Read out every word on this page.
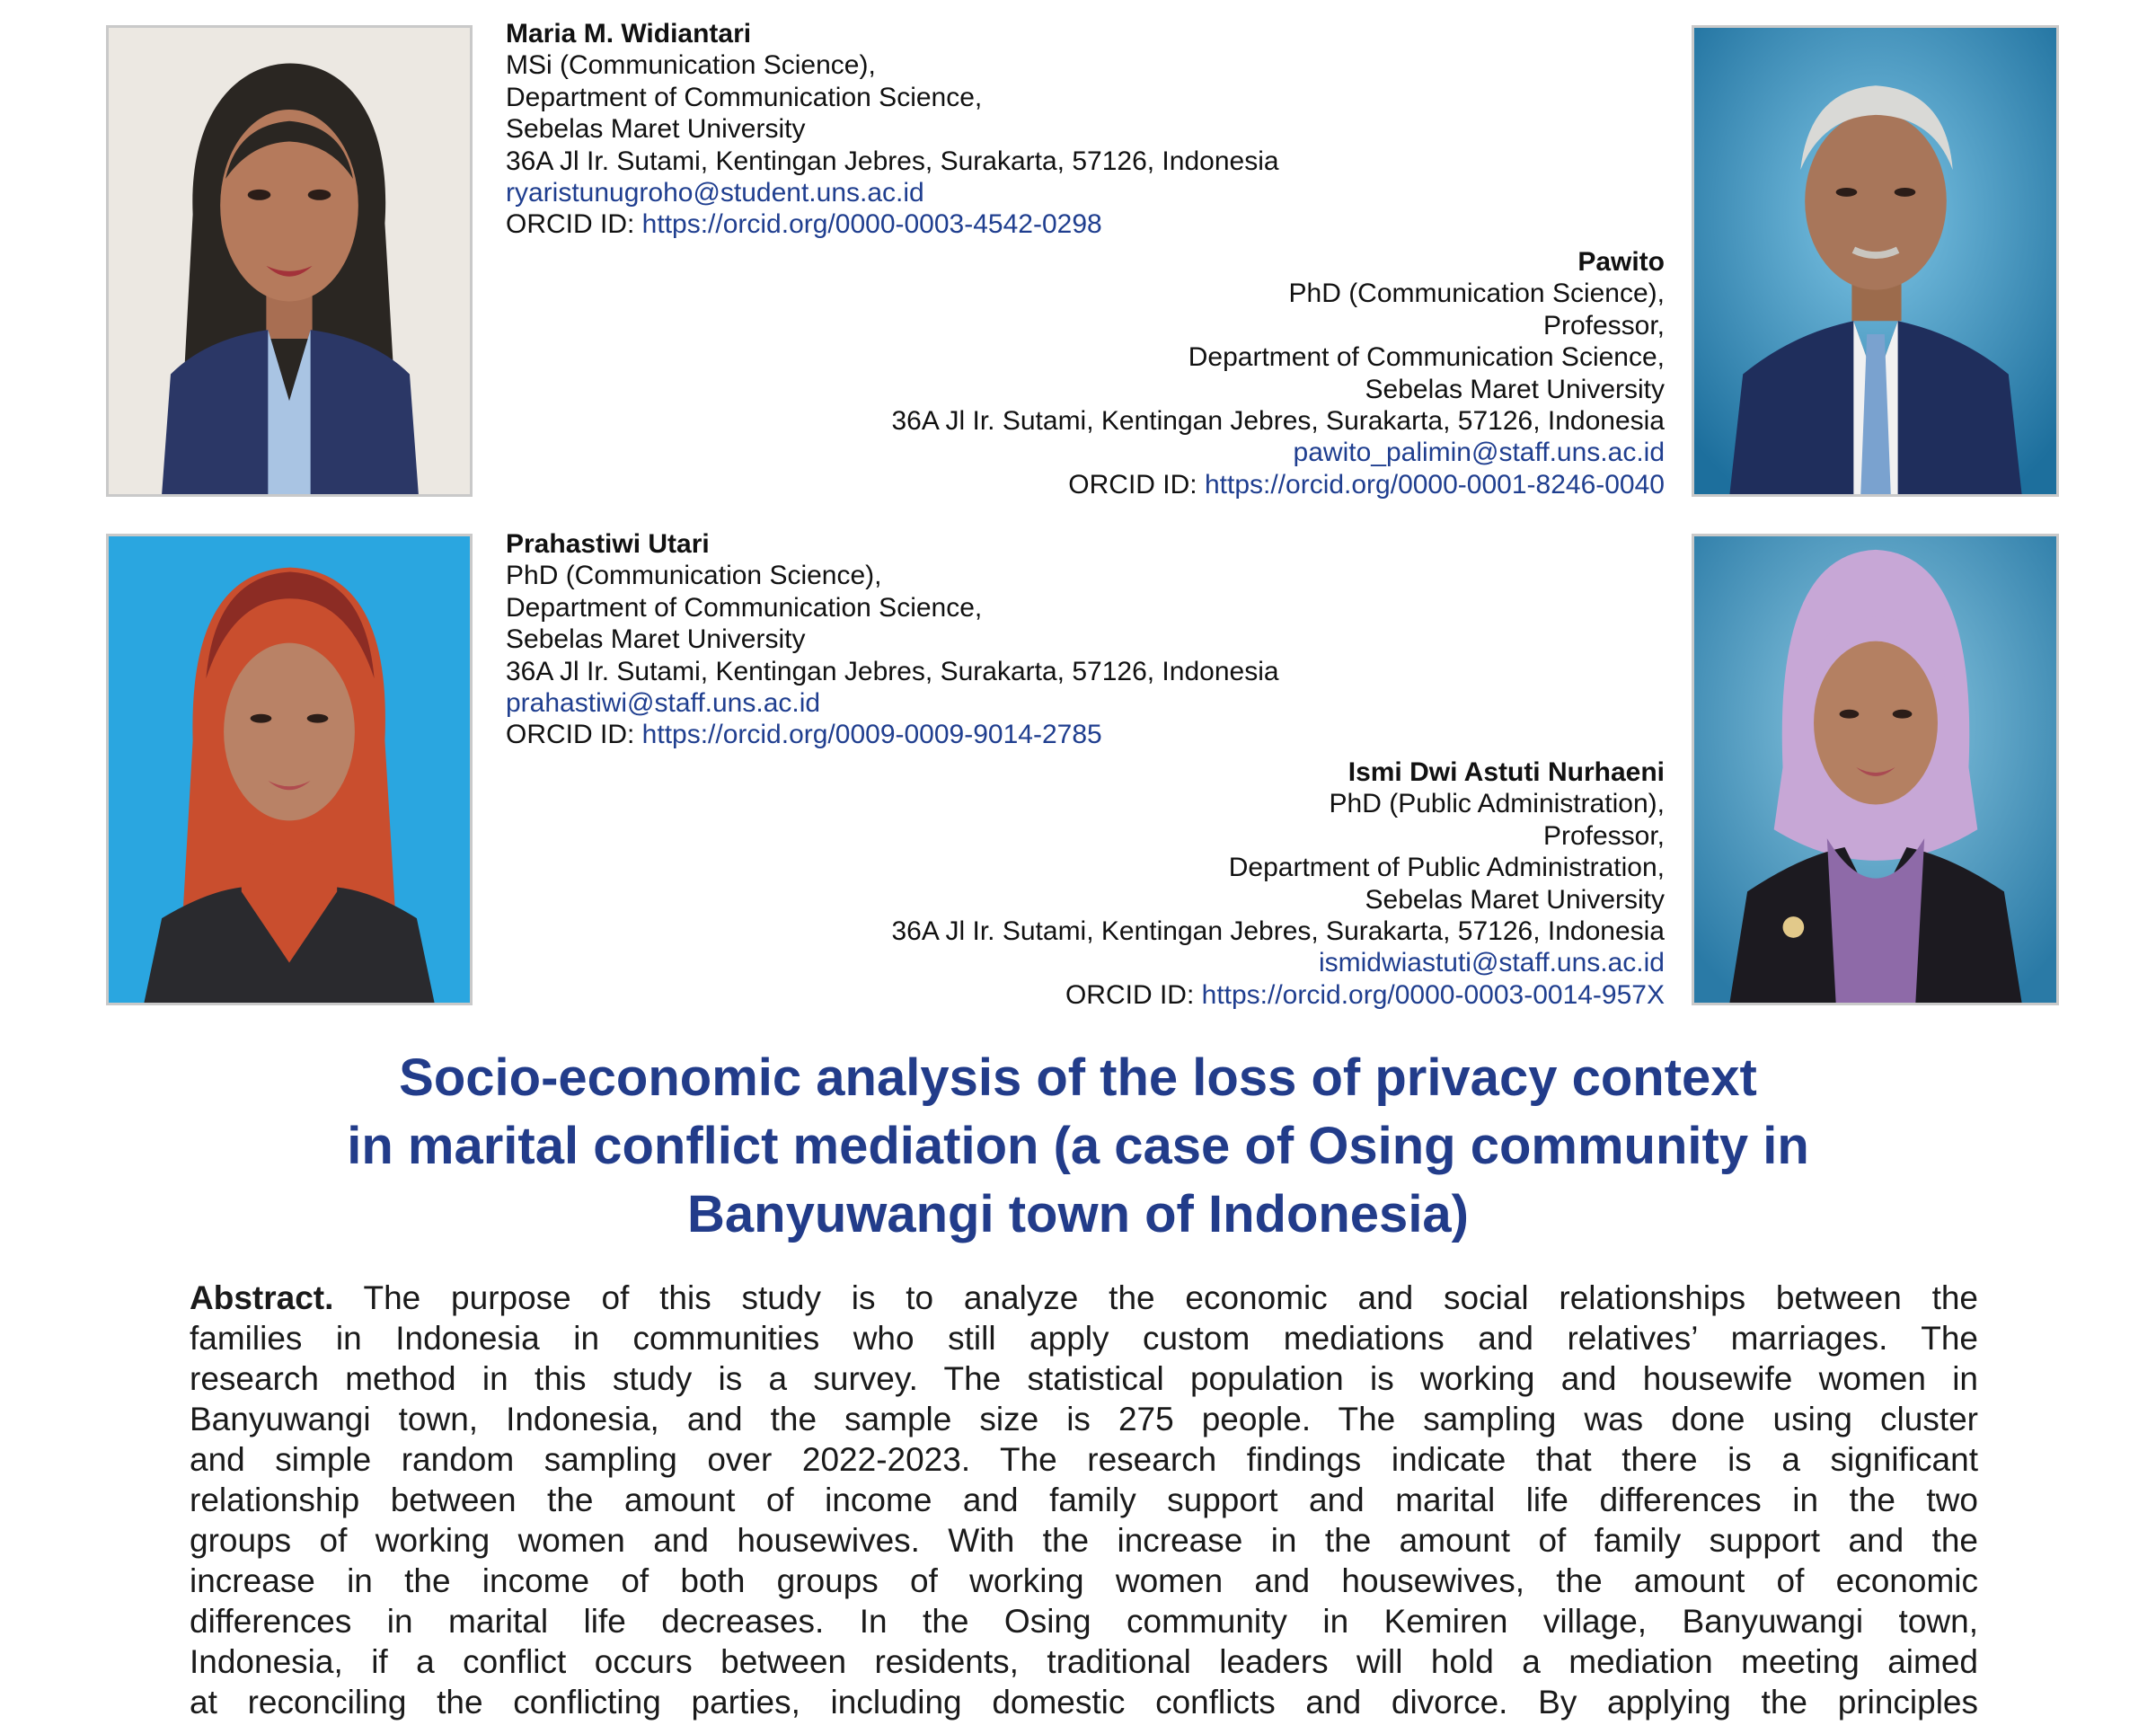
Maria M. Widiantari
MSi (Communication Science),
Department of Communication Science,
Sebelas Maret University
36A Jl Ir. Sutami, Kentingan Jebres, Surakarta, 57126, Indonesia
ryaristunugroho@student.uns.ac.id
ORCID ID: https://orcid.org/0000-0003-4542-0298
Pawito
PhD (Communication Science),
Professor,
Department of Communication Science,
Sebelas Maret University
36A Jl Ir. Sutami, Kentingan Jebres, Surakarta, 57126, Indonesia
pawito_palimin@staff.uns.ac.id
ORCID ID: https://orcid.org/0000-0001-8246-0040
Prahastiwi Utari
PhD (Communication Science),
Department of Communication Science,
Sebelas Maret University
36A Jl Ir. Sutami, Kentingan Jebres, Surakarta, 57126, Indonesia
prahastiwi@staff.uns.ac.id
ORCID ID: https://orcid.org/0009-0009-9014-2785
Ismi Dwi Astuti Nurhaeni
PhD (Public Administration),
Professor,
Department of Public Administration,
Sebelas Maret University
36A Jl Ir. Sutami, Kentingan Jebres, Surakarta, 57126, Indonesia
ismidwiastuti@staff.uns.ac.id
ORCID ID: https://orcid.org/0000-0003-0014-957X
Socio-economic analysis of the loss of privacy context
in marital conflict mediation (a case of Osing community in
Banyuwangi town of Indonesia)
Abstract. The purpose of this study is to analyze the economic and social relationships between the
families in Indonesia in communities who still apply custom mediations and relatives’ marriages. The
research method in this study is a survey. The statistical population is working and housewife women in
Banyuwangi town, Indonesia, and the sample size is 275 people. The sampling was done using cluster
and simple random sampling over 2022-2023. The research findings indicate that there is a significant
relationship between the amount of income and family support and marital life differences in the two
groups of working women and housewives. With the increase in the amount of family support and the
increase in the income of both groups of working women and housewives, the amount of economic
differences in marital life decreases. In the Osing community in Kemiren village, Banyuwangi town,
Indonesia, if a conflict occurs between residents, traditional leaders will hold a mediation meeting aimed
at reconciling the conflicting parties, including domestic conflicts and divorce. By applying the principles
